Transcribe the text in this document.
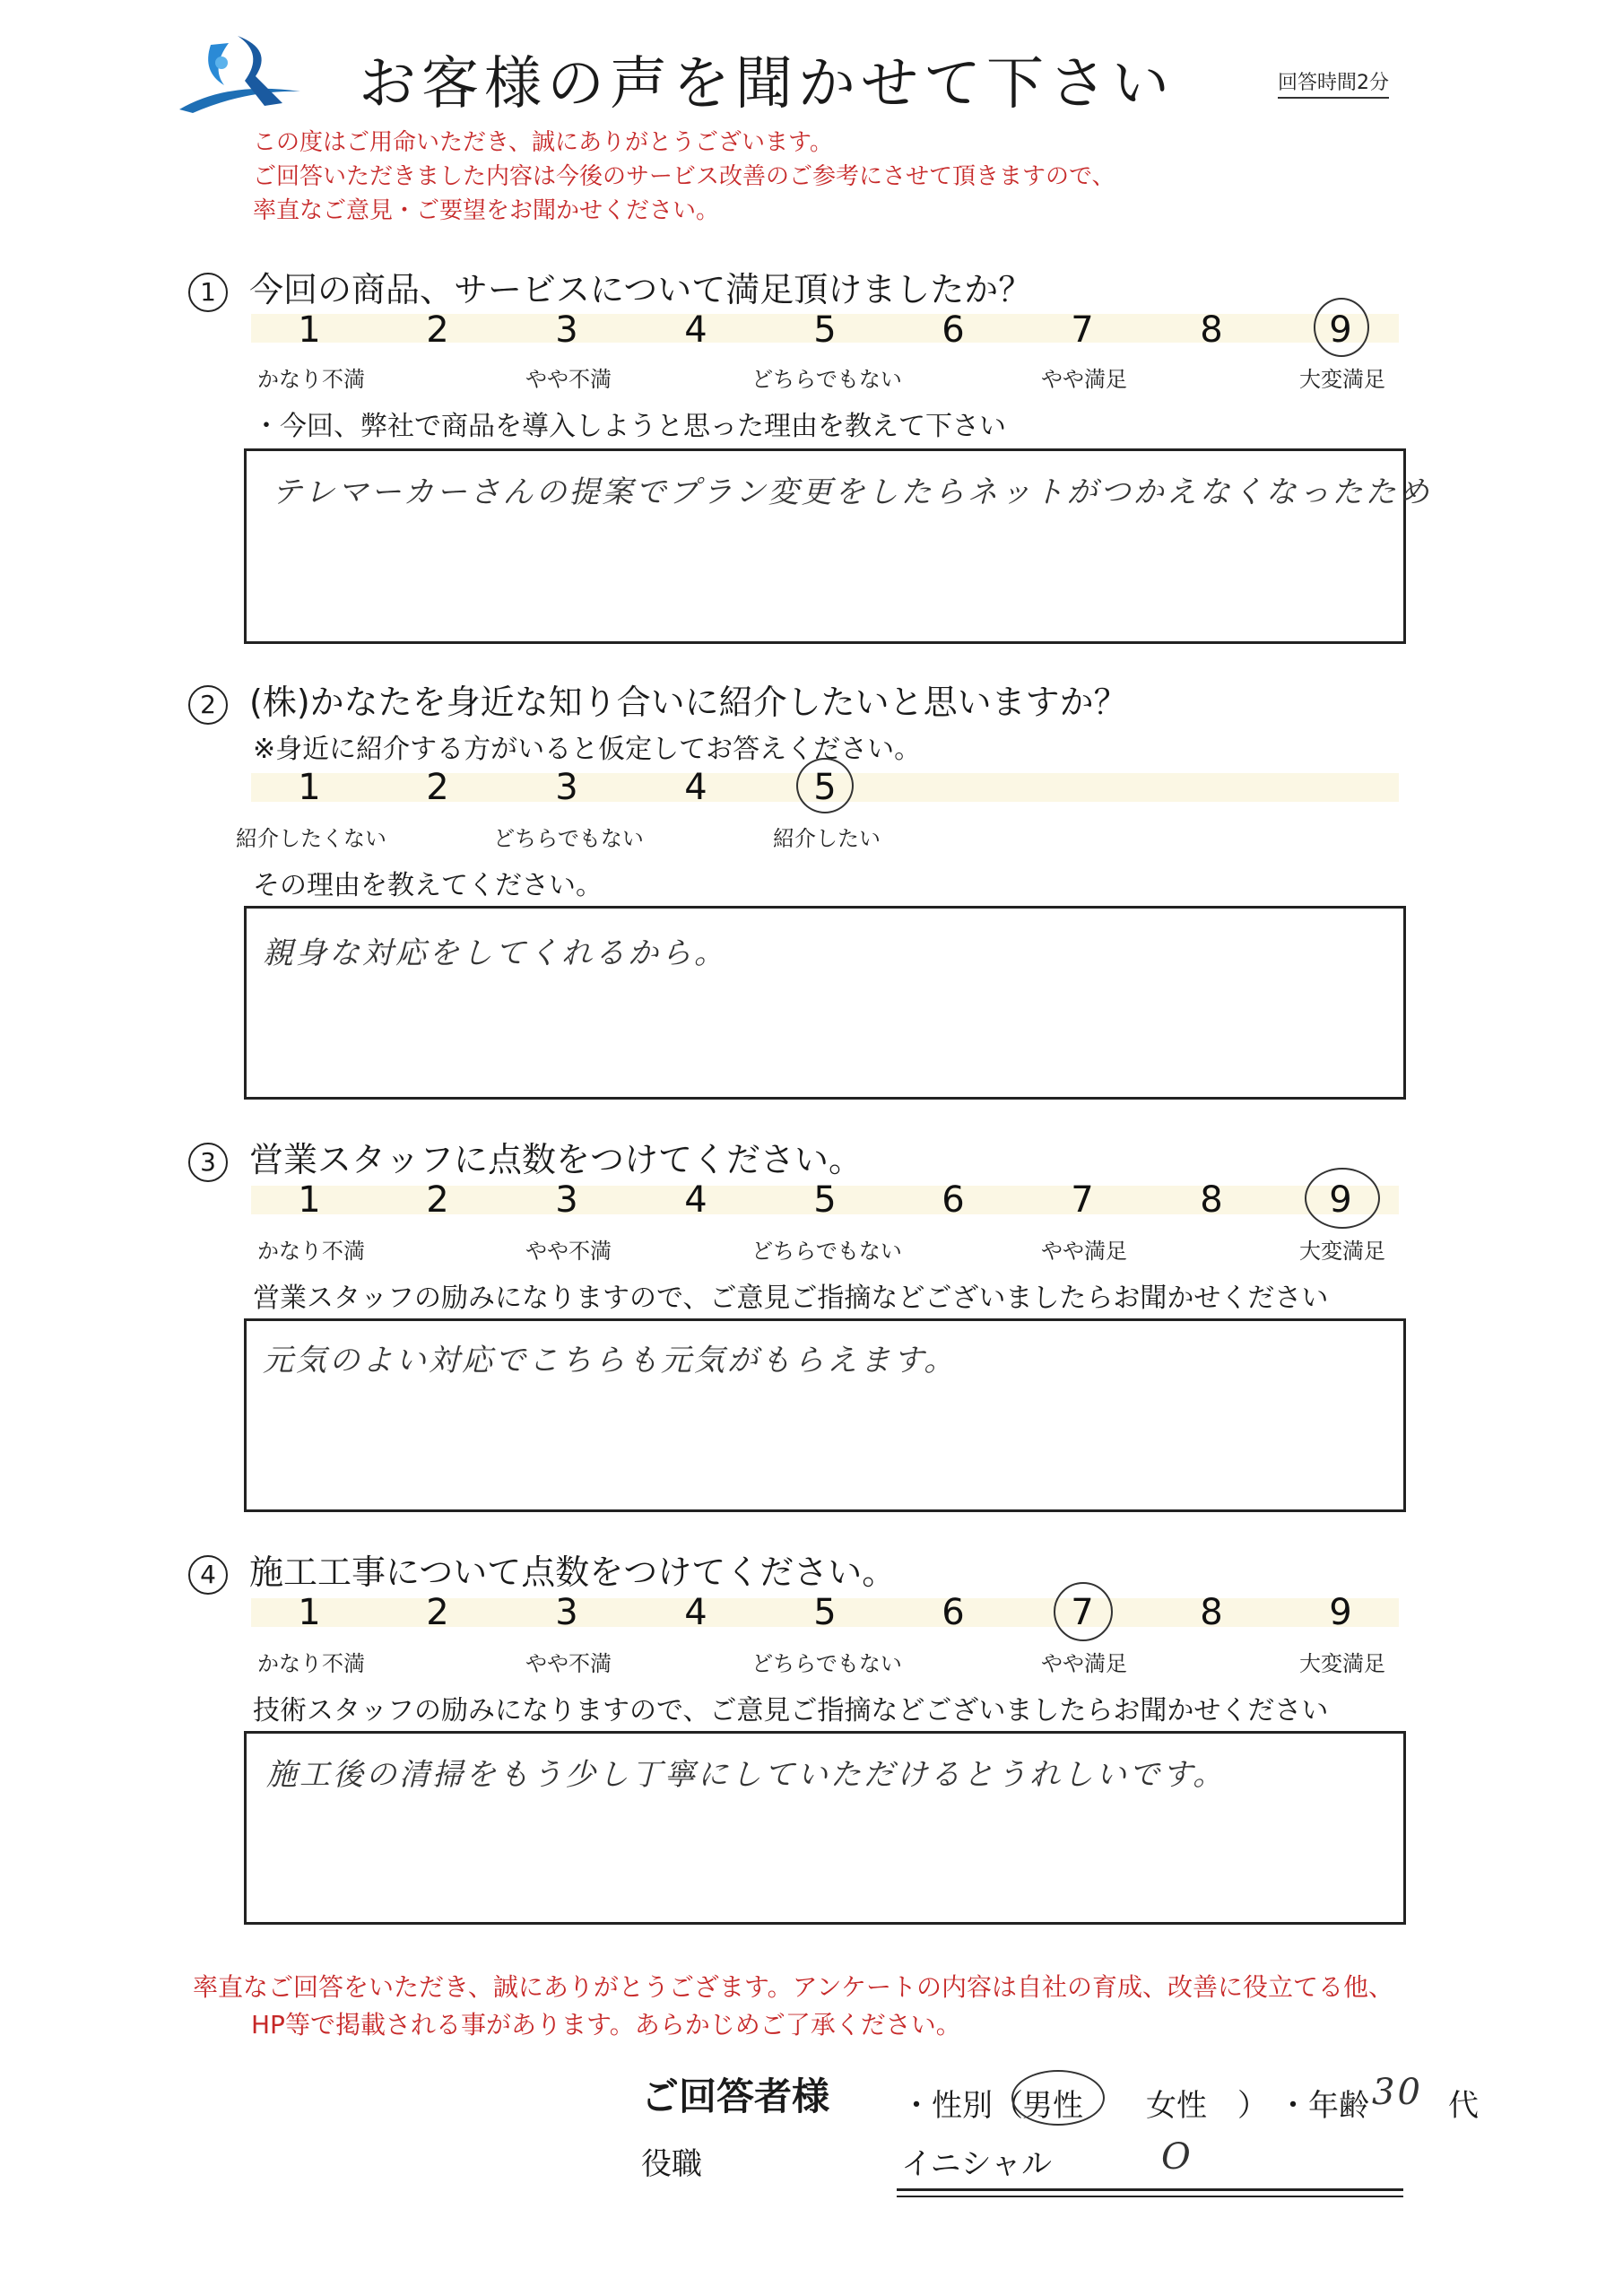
お客様の声を聞かせて下さい	回答時間2分
この度はご用命いただき、誠にありがとうございます。
ご回答いただきました内容は今後のサービス改善のご参考にさせて頂きますので、
率直なご意見・ご要望をお聞かせください。
1 今回の商品、サービスについて満足頂けましたか？
1	2	3	4	5	6	7	8	9
かなり不満	やや不満	どちらでもない	やや満足	大変満足
・今回、弊社で商品を導入しようと思った理由を教えて下さい
テレマーカーさんの提案でプラン変更をしたらネットがつかえなくなったため
2 (株)かなたを身近な知り合いに紹介したいと思いますか？
※身近に紹介する方がいると仮定してお答えください。
1	2	3	4	5
紹介したくない	どちらでもない	紹介したい
その理由を教えてください。
親身な対応をしてくれるから。
3 営業スタッフに点数をつけてください。
1	2	3	4	5	6	7	8	9
かなり不満	やや不満	どちらでもない	やや満足	大変満足
営業スタッフの励みになりますので、ご意見ご指摘などございましたらお聞かせください
元気のよい対応でこちらも元気がもらえます。
4 施工工事について点数をつけてください。
1	2	3	4	5	6	7	8	9
かなり不満	やや不満	どちらでもない	やや満足	大変満足
技術スタッフの励みになりますので、ご意見ご指摘などございましたらお聞かせください
施工後の清掃をもう少し丁寧にしていただけるとうれしいです。
率直なご回答をいただき、誠にありがとうござます。アンケートの内容は自社の育成、改善に役立てる他、
HP等で掲載される事があります。あらかじめご了承ください。
ご回答者様 ・性別（ 男性 女性 ） ・年齢 30 代
役職	イニシャル	O
